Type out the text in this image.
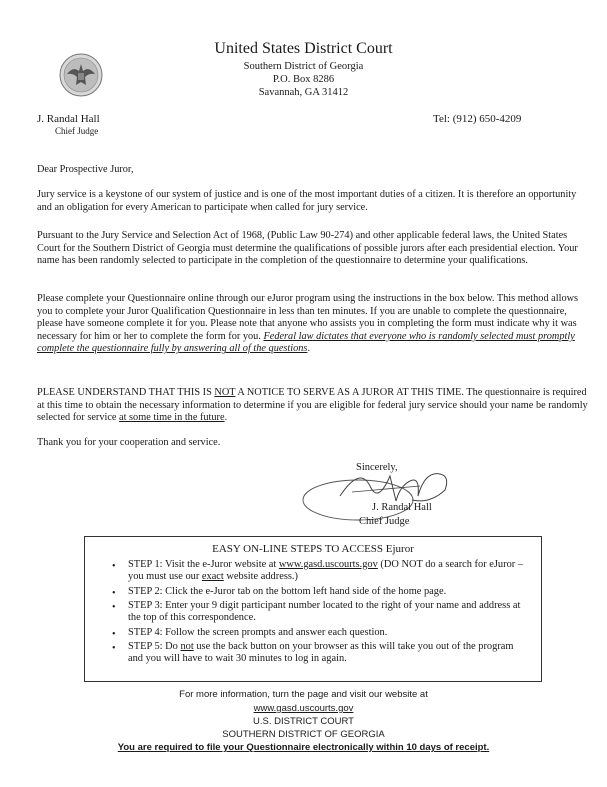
United States District Court
Southern District of Georgia
P.O. Box 8286
Savannah, GA 31412
J. Randal Hall
Chief Judge
Tel: (912) 650-4209
Dear Prospective Juror,
Jury service is a keystone of our system of justice and is one of the most important duties of a citizen. It is therefore an opportunity and an obligation for every American to participate when called for jury service.
Pursuant to the Jury Service and Selection Act of 1968, (Public Law 90-274) and other applicable federal laws, the United States Court for the Southern District of Georgia must determine the qualifications of possible jurors after each presidential election. Your name has been randomly selected to participate in the completion of the questionnaire to determine your qualifications.
Please complete your Questionnaire online through our eJuror program using the instructions in the box below. This method allows you to complete your Juror Qualification Questionnaire in less than ten minutes. If you are unable to complete the questionnaire, please have someone complete it for you. Please note that anyone who assists you in completing the form must indicate why it was necessary for him or her to complete the form for you. Federal law dictates that everyone who is randomly selected must promptly complete the questionnaire fully by answering all of the questions.
PLEASE UNDERSTAND THAT THIS IS NOT A NOTICE TO SERVE AS A JUROR AT THIS TIME. The questionnaire is required at this time to obtain the necessary information to determine if you are eligible for federal jury service should your name be randomly selected for service at some time in the future.
Thank you for your cooperation and service.
Sincerely,
J. Randal Hall
Chief Judge
EASY ON-LINE STEPS TO ACCESS Ejuror
• STEP 1: Visit the e-Juror website at www.gasd.uscourts.gov (DO NOT do a search for eJuror – you must use our exact website address.)
• STEP 2: Click the e-Juror tab on the bottom left hand side of the home page.
• STEP 3: Enter your 9 digit participant number located to the right of your name and address at the top of this correspondence.
• STEP 4: Follow the screen prompts and answer each question.
• STEP 5: Do not use the back button on your browser as this will take you out of the program and you will have to wait 30 minutes to log in again.
For more information, turn the page and visit our website at
www.gasd.uscourts.gov
U.S. DISTRICT COURT
SOUTHERN DISTRICT OF GEORGIA
You are required to file your Questionnaire electronically within 10 days of receipt.
